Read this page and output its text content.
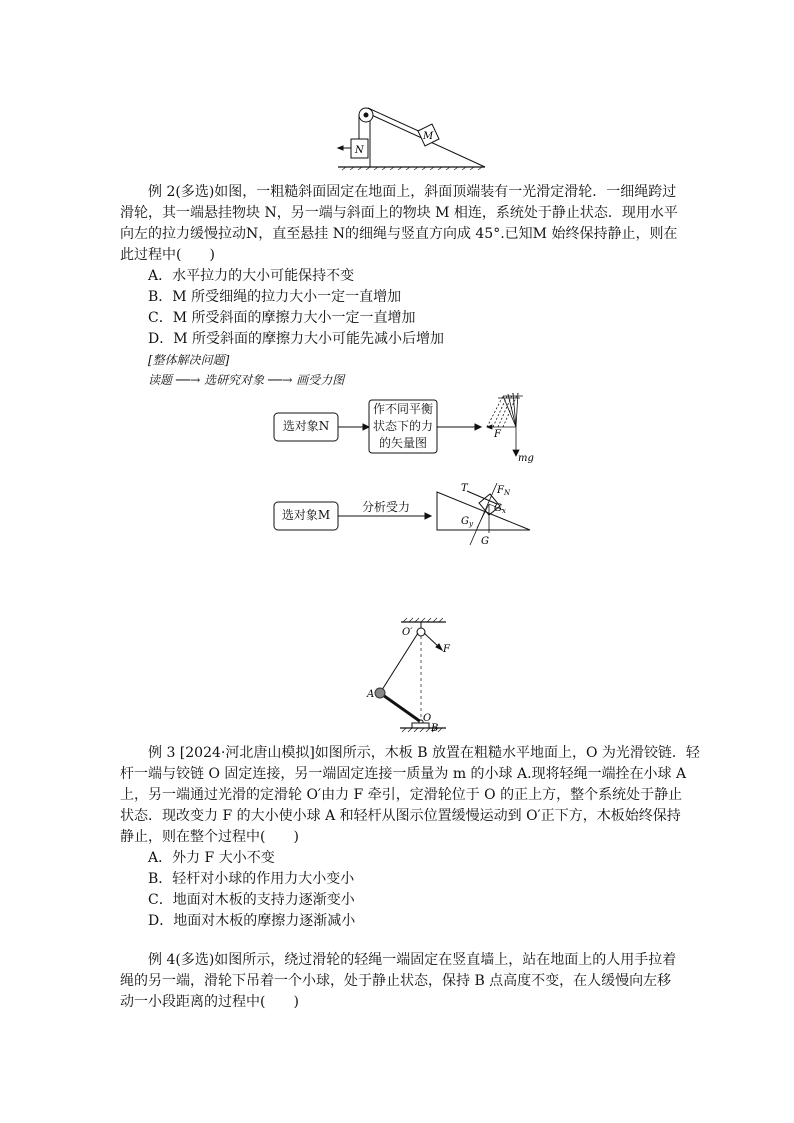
M
N
F
mg
T	$F_N$
$G_x$
$G_y$
G
O′
F
A
O
B
选对象N
作不同平衡
状态下的力
的矢量图
选对象M
分析受力
例 2(多选)如图，一粗糙斜面固定在地面上，斜面顶端装有一光滑定滑轮．一细绳跨过
滑轮，其一端悬挂物块 N，另一端与斜面上的物块 M 相连，系统处于静止状态．现用水平
向左的拉力缓慢拉动N，直至悬挂 N的细绳与竖直方向成 45°.已知M 始终保持静止，则在
此过程中(　　)
A．水平拉力的大小可能保持不变
B．M 所受细绳的拉力大小一定一直增加
C．M 所受斜面的摩擦力大小一定一直增加
D．M 所受斜面的摩擦力大小可能先减小后增加
[整体解决问题]
读题 ──→ 选研究对象 ──→ 画受力图
例 3 [2024·河北唐山模拟]如图所示，木板 B 放置在粗糙水平地面上，O 为光滑铰链．轻
杆一端与铰链 O 固定连接，另一端固定连接一质量为 m 的小球 A.现将轻绳一端拴在小球 A
上，另一端通过光滑的定滑轮 O′由力 F 牵引，定滑轮位于 O 的正上方，整个系统处于静止
状态．现改变力 F 的大小使小球 A 和轻杆从图示位置缓慢运动到 O′正下方，木板始终保持
静止，则在整个过程中(　　)
A．外力 F 大小不变
B．轻杆对小球的作用力大小变小
C．地面对木板的支持力逐渐变小
D．地面对木板的摩擦力逐渐减小
例 4(多选)如图所示，绕过滑轮的轻绳一端固定在竖直墙上，站在地面上的人用手拉着
绳的另一端，滑轮下吊着一个小球，处于静止状态，保持 B 点高度不变，在人缓慢向左移
动一小段距离的过程中(　　)
